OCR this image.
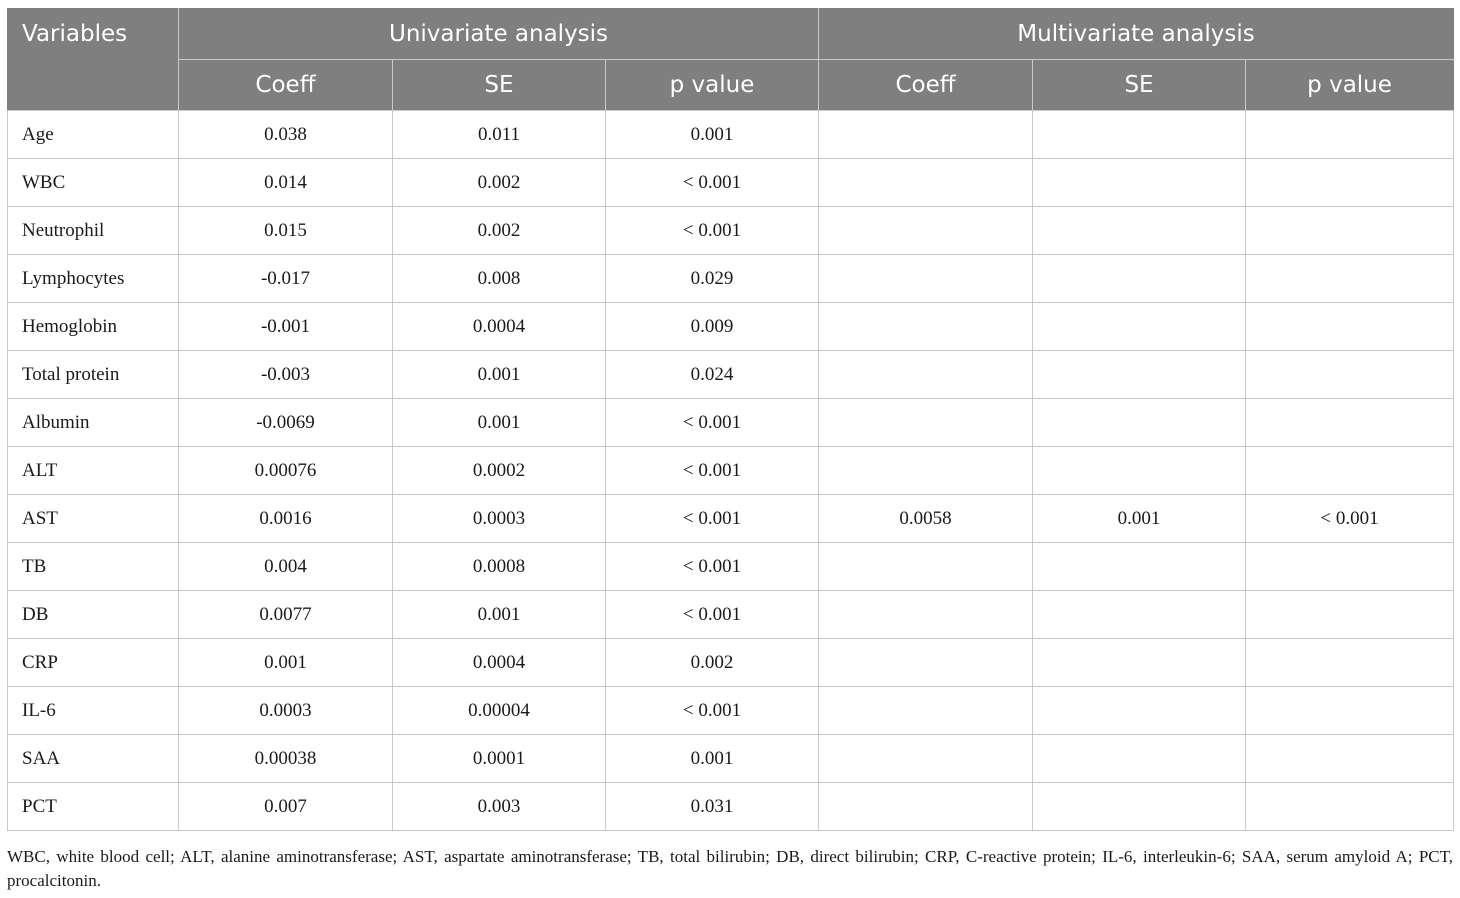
Variables	Univariate analysis			Multivariate analysis		
	Coeff	SE	p value	Coeff	SE	p value
Age	0.038	0.011	0.001			
WBC	0.014	0.002	< 0.001			
Neutrophil	0.015	0.002	< 0.001			
Lymphocytes	-0.017	0.008	0.029			
Hemoglobin	-0.001	0.0004	0.009			
Total protein	-0.003	0.001	0.024			
Albumin	-0.0069	0.001	< 0.001			
ALT	0.00076	0.0002	< 0.001			
AST	0.0016	0.0003	< 0.001	0.0058	0.001	< 0.001
TB	0.004	0.0008	< 0.001			
DB	0.0077	0.001	< 0.001			
CRP	0.001	0.0004	0.002			
IL-6	0.0003	0.00004	< 0.001			
SAA	0.00038	0.0001	0.001			
PCT	0.007	0.003	0.031			
WBC, white blood cell; ALT, alanine aminotransferase; AST, aspartate aminotransferase; TB, total bilirubin; DB, direct bilirubin; CRP, C-reactive protein; IL-6, interleukin-6; SAA, serum amyloid A; PCT, procalcitonin.
